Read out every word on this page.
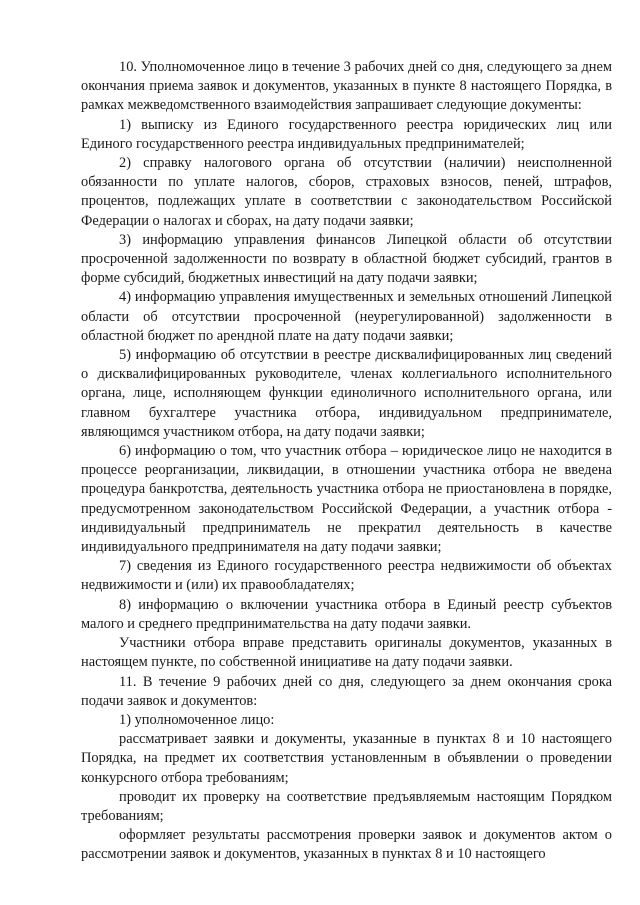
10. Уполномоченное лицо в течение 3 рабочих дней со дня, следующего за днем окончания приема заявок и документов, указанных в пункте 8 настоящего Порядка, в рамках межведомственного взаимодействия запрашивает следующие документы:

1) выписку из Единого государственного реестра юридических лиц или Единого государственного реестра индивидуальных предпринимателей;

2) справку налогового органа об отсутствии (наличии) неисполненной обязанности по уплате налогов, сборов, страховых взносов, пеней, штрафов, процентов, подлежащих уплате в соответствии с законодательством Российской Федерации о налогах и сборах, на дату подачи заявки;

3) информацию управления финансов Липецкой области об отсутствии просроченной задолженности по возврату в областной бюджет субсидий, грантов в форме субсидий, бюджетных инвестиций на дату подачи заявки;

4) информацию управления имущественных и земельных отношений Липецкой области об отсутствии просроченной (неурегулированной) задолженности в областной бюджет по арендной плате на дату подачи заявки;

5) информацию об отсутствии в реестре дисквалифицированных лиц сведений о дисквалифицированных руководителе, членах коллегиального исполнительного органа, лице, исполняющем функции единоличного исполнительного органа, или главном бухгалтере участника отбора, индивидуальном предпринимателе, являющимся участником отбора, на дату подачи заявки;

6) информацию о том, что участник отбора – юридическое лицо не находится в процессе реорганизации, ликвидации, в отношении участника отбора не введена процедура банкротства, деятельность участника отбора не приостановлена в порядке, предусмотренном законодательством Российской Федерации, а участник отбора - индивидуальный предприниматель не прекратил деятельность в качестве индивидуального предпринимателя на дату подачи заявки;

7) сведения из Единого государственного реестра недвижимости об объектах недвижимости и (или) их правообладателях;

8) информацию о включении участника отбора в Единый реестр субъектов малого и среднего предпринимательства на дату подачи заявки.

Участники отбора вправе представить оригиналы документов, указанных в настоящем пункте, по собственной инициативе на дату подачи заявки.

11. В течение 9 рабочих дней со дня, следующего за днем окончания срока подачи заявок и документов:

1) уполномоченное лицо:

рассматривает заявки и документы, указанные в пунктах 8 и 10 настоящего Порядка, на предмет их соответствия установленным в объявлении о проведении конкурсного отбора требованиям;

проводит их проверку на соответствие предъявляемым настоящим Порядком требованиям;

оформляет результаты рассмотрения проверки заявок и документов актом о рассмотрении заявок и документов, указанных в пунктах 8 и 10 настоящего
